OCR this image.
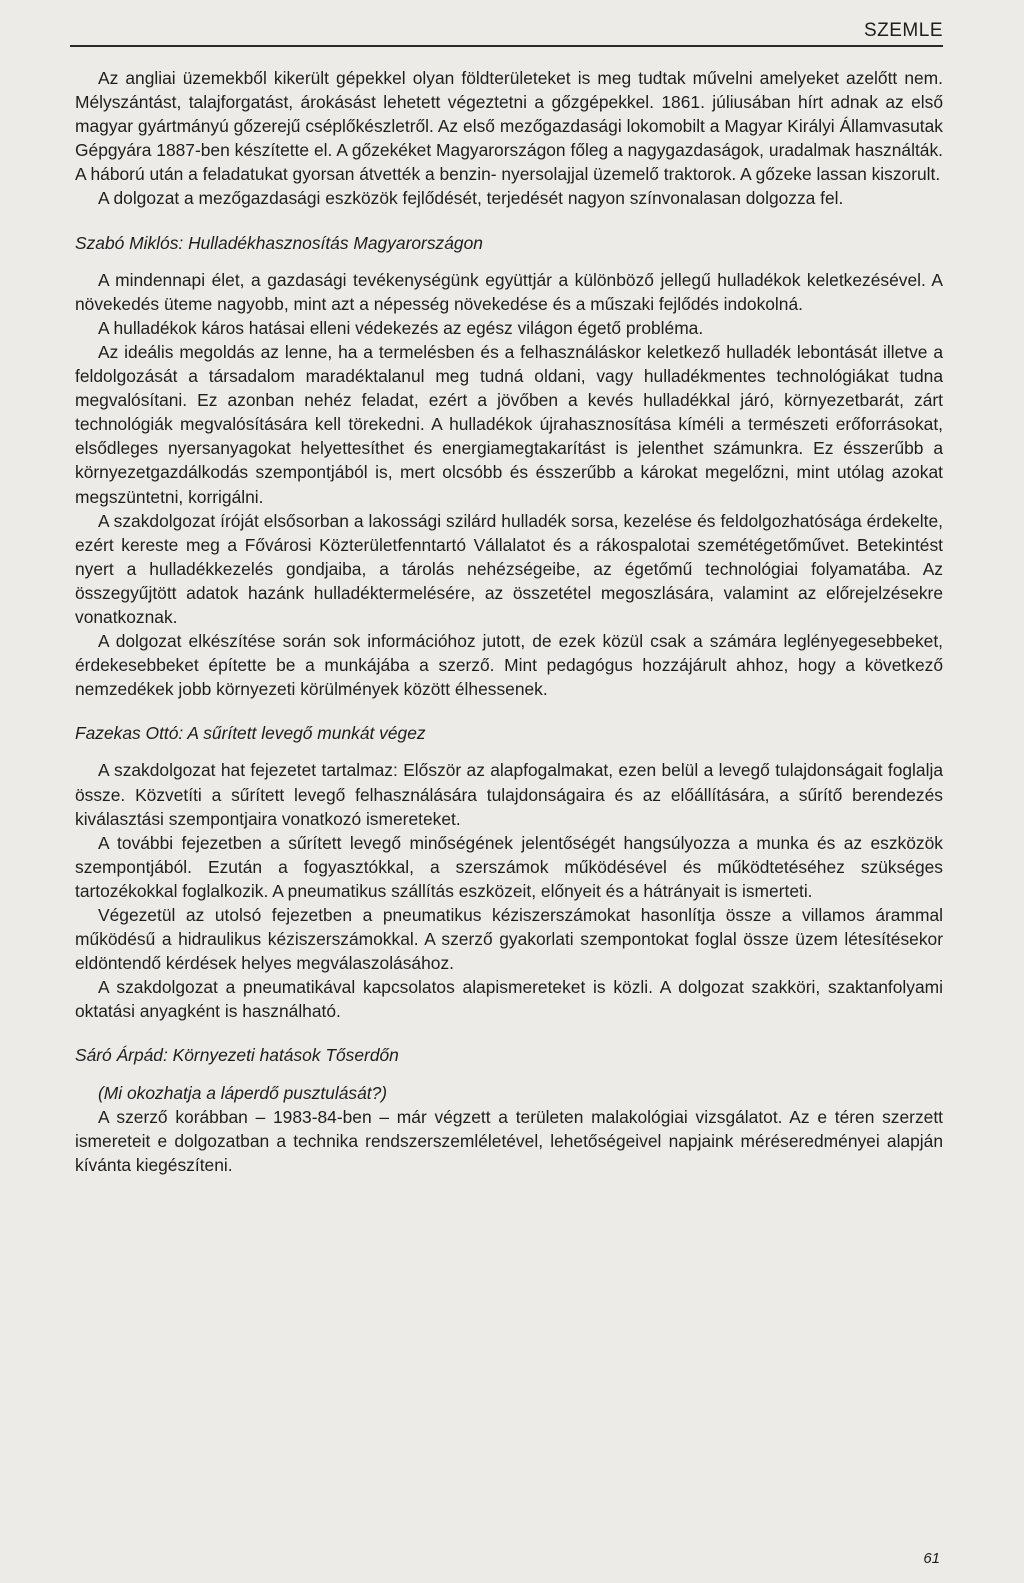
SZEMLE

Az angliai üzemekből kikerült gépekkel olyan földterületeket is meg tudtak művelni amelyeket azelőtt nem. Mélyszántást, talajforgatást, árokásást lehetett végeztetni a gőzgépekkel. 1861. júliusában hírt adnak az első magyar gyártmányú gőzerejű cséplőkészletről. Az első mezőgazdasági lokomobilt a Magyar Királyi Államvasutak Gépgyára 1887-ben készítette el. A gőzekéket Magyarországon főleg a nagygazdaságok, uradalmak használták. A háború után a feladatukat gyorsan átvették a benzin- nyersolajjal üzemelő traktorok. A gőzeke lassan kiszorult.

A dolgozat a mezőgazdasági eszközök fejlődését, terjedését nagyon színvonalasan dolgozza fel.

Szabó Miklós: Hulladékhasznosítás Magyarországon

A mindennapi élet, a gazdasági tevékenységünk együttjár a különböző jellegű hulladékok keletkezésével. A növekedés üteme nagyobb, mint azt a népesség növekedése és a műszaki fejlődés indokolná.

A hulladékok káros hatásai elleni védekezés az egész világon égető probléma.

Az ideális megoldás az lenne, ha a termelésben és a felhasználáskor keletkező hulladék lebontását illetve a feldolgozását a társadalom maradéktalanul meg tudná oldani, vagy hulladékmentes technológiákat tudna megvalósítani. Ez azonban nehéz feladat, ezért a jövőben a kevés hulladékkal járó, környezetbarát, zárt technológiák megvalósítására kell törekedni. A hulladékok újrahasznosítása kíméli a természeti erőforrásokat, elsődleges nyersanyagokat helyettesíthet és energiamegtakarítást is jelenthet számunkra. Ez ésszerűbb a környezetgazdálkodás szempontjából is, mert olcsóbb és ésszerűbb a károkat megelőzni, mint utólag azokat megszüntetni, korrigálni.

A szakdolgozat íróját elsősorban a lakossági szilárd hulladék sorsa, kezelése és feldolgozhatósága érdekelte, ezért kereste meg a Fővárosi Közterületfenntartó Vállalatot és a rákospalotai szemétégetőművet. Betekintést nyert a hulladékkezelés gondjaiba, a tárolás nehézségeibe, az égetőmű technológiai folyamatába. Az összegyűjtött adatok hazánk hulladéktermelésére, az összetétel megoszlására, valamint az előrejelzésekre vonatkoznak.

A dolgozat elkészítése során sok információhoz jutott, de ezek közül csak a számára leglényegesebbeket, érdekesebbeket építette be a munkájába a szerző. Mint pedagógus hozzájárult ahhoz, hogy a következő nemzedékek jobb környezeti körülmények között élhessenek.

Fazekas Ottó: A sűrített levegő munkát végez

A szakdolgozat hat fejezetet tartalmaz: Először az alapfogalmakat, ezen belül a levegő tulajdonságait foglalja össze. Közvetíti a sűrített levegő felhasználására tulajdonságaira és az előállítására, a sűrítő berendezés kiválasztási szempontjaira vonatkozó ismereteket.

A további fejezetben a sűrített levegő minőségének jelentőségét hangsúlyozza a munka és az eszközök szempontjából. Ezután a fogyasztókkal, a szerszámok működésével és működtetéséhez szükséges tartozékokkal foglalkozik. A pneumatikus szállítás eszközeit, előnyeit és a hátrányait is ismerteti.

Végezetül az utolsó fejezetben a pneumatikus kéziszerszámokat hasonlítja össze a villamos árammal működésű a hidraulikus kéziszerszámokkal. A szerző gyakorlati szempontokat foglal össze üzem létesítésekor eldöntendő kérdések helyes megválaszolásához.

A szakdolgozat a pneumatikával kapcsolatos alapismereteket is közli. A dolgozat szakköri, szaktanfolyami oktatási anyagként is használható.

Sáró Árpád: Környezeti hatások Tőserdőn
(Mi okozhatja a láperdő pusztulását?)

A szerző korábban – 1983-84-ben – már végzett a területen malakológiai vizsgálatot. Az e téren szerzett ismereteit e dolgozatban a technika rendszerszemléletével, lehetőségeivel napjaink méréseredményei alapján kívánta kiegészíteni.

61
